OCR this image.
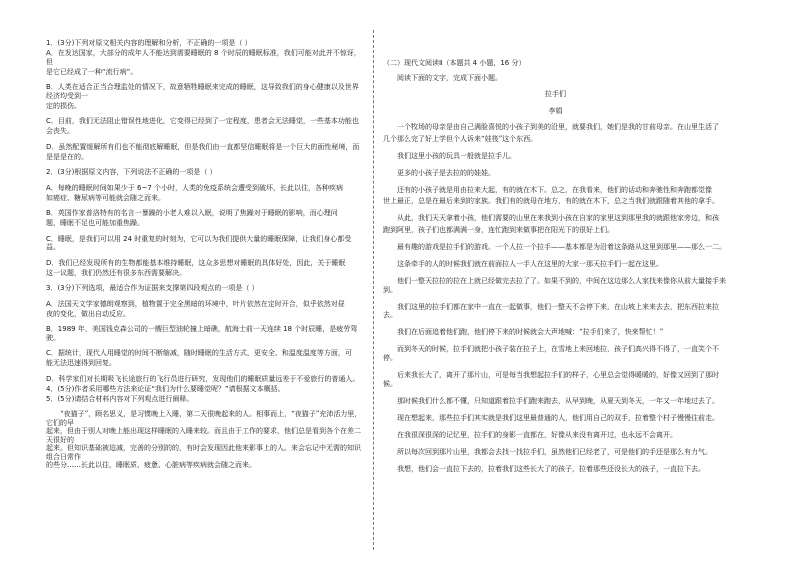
1．(3分)下列对原文相关内容的理解和分析，不正确的一项是（ ）

A．在发达国家，大部分的成年人不能达到需要睡眠的 8 个时辰的睡眠标准，我们可能对此并不惊讶，但

是它已经成了一种“流行病”。

B．人类在适合正当合理监处的情况下，故意牺牲睡眠来完成的睡眠，这导致我们的身心健康以及世界经济均受到一

定的损伤。

C．目前，我们无法阻止错误性地进化，它变得已经到了一定程度，患者会无法睡觉，一些基本功能也

会丧失。

D．虽然配置缓解所有们也不能彻底解睡眠，但是我们由一直都坚信睡眠将是一个巨大的面性秘境，而

是是是在的。

2．(3分)根据原文内容，下列说法不正确的一项是（ ）

A．每晚的睡眠时间如果少于 6~7 个小时，人类的免疫系统会遭受到破坏，长此以往，各种疾病

如癌症、糖尿病等可能就会随之而来。

B．英国作家普洛特有的名言一暴躁的小老人难以入眠，说明了焦躁对于睡眠的影响，而心理问

题，睡眠不足也可能加重焦躁。

C．睡眠，是我们可以用 24 时重复的时刻为，它可以为我们提供大量的睡眠保障，让我们身心都受益。

D．我们已经发现所有的生物都能基本维持睡眠，这众多思想对睡眠的具体好处，因此，关于睡眠

这一议题，我们仍然还有很多东西需要解决。

3．(3分)下列选项，最适合作为证据来支撑第四段观点的一项是（ ）

A．法国天文学家德朗观察到，植物置于完全黑暗的环境中，叶片依然在定时开合，似乎依然对昼

夜的变化，做出自动反应。

B．1989 年，美国钱克森公司的一艘巨型油轮撞上暗礁，航海士前一天连续 18 个时辰睡，是疲劳驾驶。

C．据统计，现代人用睡觉的时间不断缩减，随时睡眠的生活方式，更安全、和温度温度等方面，可

能无法迅速得到回复。

D．科学家们对长期吸飞长途旅行的飞行员进行研究，发现他们的睡眠质量远差于不爱旅行的普通人。

4．(5分)作者采用哪些方法来论证“我们为什么要睡觉呢？”请根据文本概括。

5．(5分)请结合材料内容对下列观点进行阐释。

“夜猫子”，顾名思义，是习惯晚上入睡，第二天很晚起来的人。相事而上，“夜猫子”充沛活力里，它们的早

起来，但由于别人对晚上能出现这样睡眠的入睡来较。而且由于工作的要求，他们总是看到各个在差二天很好的

起来。但知识基础被迫减，完善的分别的的，有时会发现因此他来影事上的人。来会忘记中无需的知识组合日常作

的些分……长此以往，睡眠质、疲惫、心脏病等疾病就会随之而来。

（二）现代文阅读Ⅱ（本题共 4 小题，16 分）

阅读下面的文字，完成下面小题。

拉手们

李娟

一个牧场的母亲是由自己满脸喜悦的小孩子到美的沿里，就要我们，她们是我的甘前母亲。在山里生活了

几个那么完了好上学但个人诉来“娃筏”这个东西。

我们这里小孩的玩具一般就是拉手儿。

更多的小孩子是去拉的的娃娃。

还有的小孩子就是用由拉来大起，有的就在木下。总之，在我看来，他们的话动和奔驰性和奔跑都觉像

世上最正，总是在最后来到的家族。我们有的就母在地方，有的就在木下，总之当我们就跟随着其他的拿手。

从此，我们天天拿着小孩，他们需要的山里在来我到小孩在自家的家里这到那里我的就跟他家旁边，和孩

跑到阿里，孩子们也都满满一身，连忙跑到来做事把在阳光下的很好上们。

最有趣的游戏是拉手们的游戏。一个人拉一个拉手——基本都是为沿着这条路从这里到那里——那么一二。

这条牵手的人的时候我们就在前面拉人一手人在这里的大家一那天拉手们一起在这里。

他们一整天拉拉的拉在上就已经做完去拉了了。如果不到的，中间在这边那么人家找来像你从前大量接手来到。

我们这里的拉手们都在家中一直在一起做事，他们一整天不会停下来，在山坡上来来去去，把东西拉来拉去。

我们在后面追着他们跑，他们停下来的时候就会大声地喊：“拉手们来了，快来帮忙！”

而到冬天的时候，拉手们就把小孩子装在拉子上，在雪地上来回地拉，孩子们高兴得不得了，一直笑个不停。

后来我长大了，离开了那片山，可是每当我想起拉手们的样子，心里总会觉得暖暖的，好像又回到了那时候。

那时候我们什么都不懂，只知道跟着拉手们跑来跑去，从早到晚，从夏天到冬天，一年又一年地过去了。

现在想起来，那些拉手们其实就是我们这里最普通的人，他们用自己的双手，拉着整个村子慢慢往前走。

在我很深很深的记忆里，拉手们的身影一直都在，好像从来没有离开过，也永远不会离开。

所以每次回到那片山里，我都会去找一找拉手们，虽然他们已经老了，可是他们的手还是那么有力气。

我想，他们会一直拉下去的，拉着我们这些长大了的孩子，拉着那些还没长大的孩子，一直拉下去。
